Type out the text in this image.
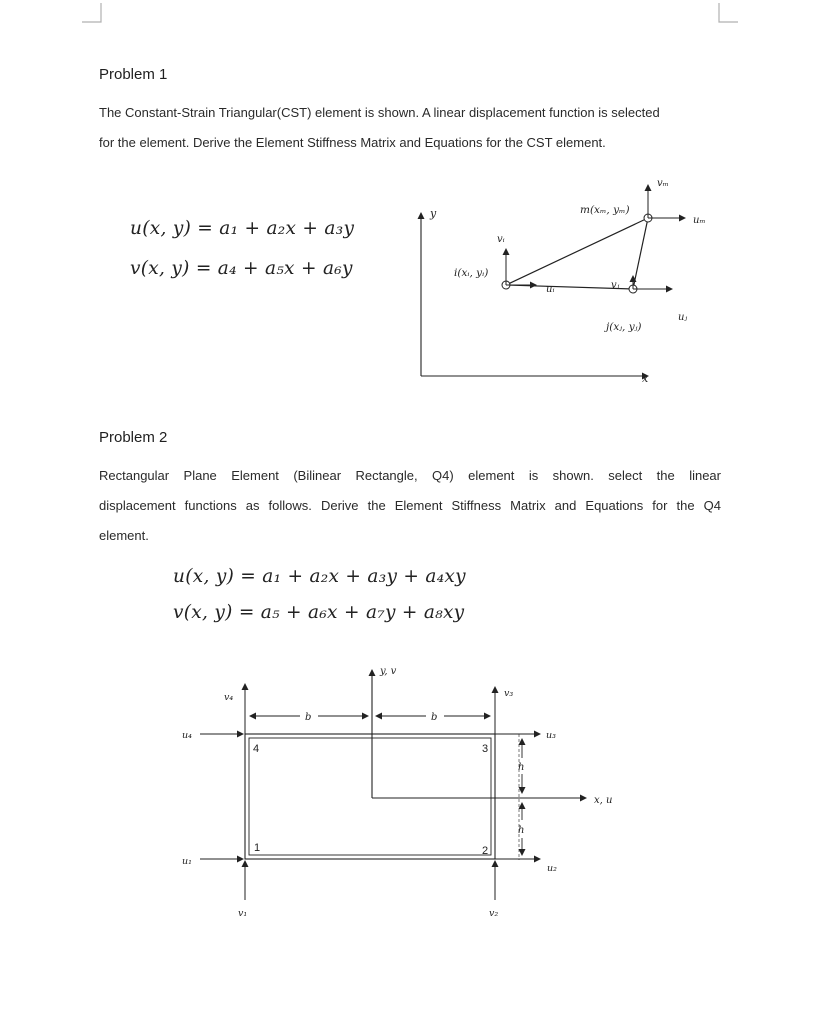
Problem 1
The Constant-Strain Triangular(CST) element is shown. A linear displacement function is selected
for the element. Derive the Element Stiffness Matrix and Equations for the CST element.
u(x, y) = a₁ + a₂x + a₃y
v(x, y) = a₄ + a₅x + a₆y
y
x
vᵢ
uᵢ
i(xᵢ, yᵢ)
vⱼ
uⱼ
j(xⱼ, yⱼ)
vₘ
uₘ
m(xₘ, yₘ)
Problem 2
Rectangular Plane Element (Bilinear Rectangle, Q4) element is shown. select the linear
displacement functions as follows. Derive the Element Stiffness Matrix and Equations for the Q4
element.
u(x, y) = a₁ + a₂x + a₃y + a₄xy
v(x, y) = a₅ + a₆x + a₇y + a₈xy
y, v
x, u
b	b
h
h
1	2
3
4
v₄
u₄
v₃
u₃
u₁
v₁
u₂
v₂
